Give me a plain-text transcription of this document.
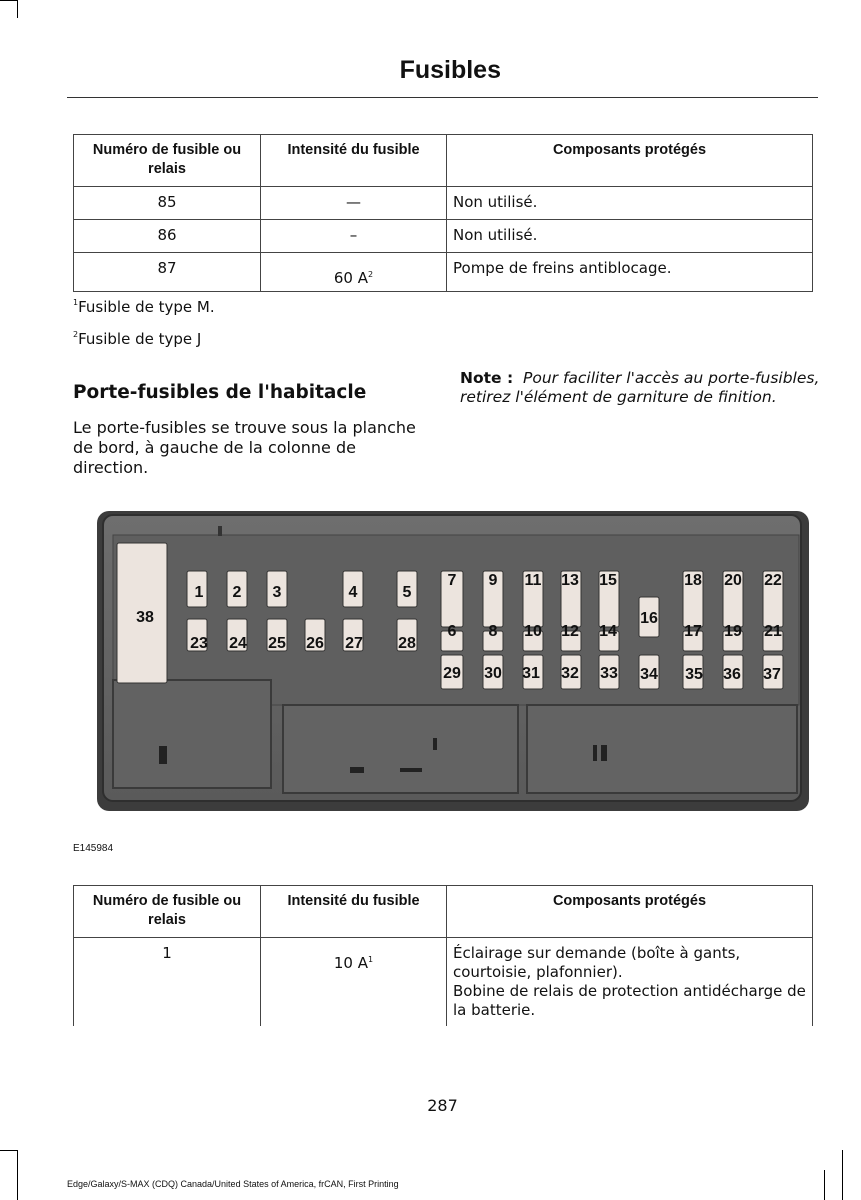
Fusibles
Numéro de fusible ou relais	Intensité du fusible	Composants protégés
85	—	Non utilisé.
86	–	Non utilisé.
87	60 $A^2$	Pompe de freins antiblocage.
$^1$Fusible de type M.
$^2$Fusible de type J
Porte-fusibles de l'habitacle
Le porte-fusibles se trouve sous la planche de bord, à gauche de la colonne de direction.
Note : Pour faciliter l'accès au porte-fusibles, retirez l'élément de garniture de finition.
1 2 3	4	5
7 9 11 13 15	18 20 22
16
38
23 24 25 26 27 28
6 8 10 12 14	17 19 21
29 30 31 32 33 34 35 36 37
E145984
Numéro de fusible ou relais	Intensité du fusible	Composants protégés
1	10 $A^1$	Éclairage sur demande (boîte à gants, courtoisie, plafonnier).
Bobine de relais de protection antidécharge de la batterie.
287
Edge/Galaxy/S-MAX (CDQ) Canada/United States of America, frCAN, First Printing
